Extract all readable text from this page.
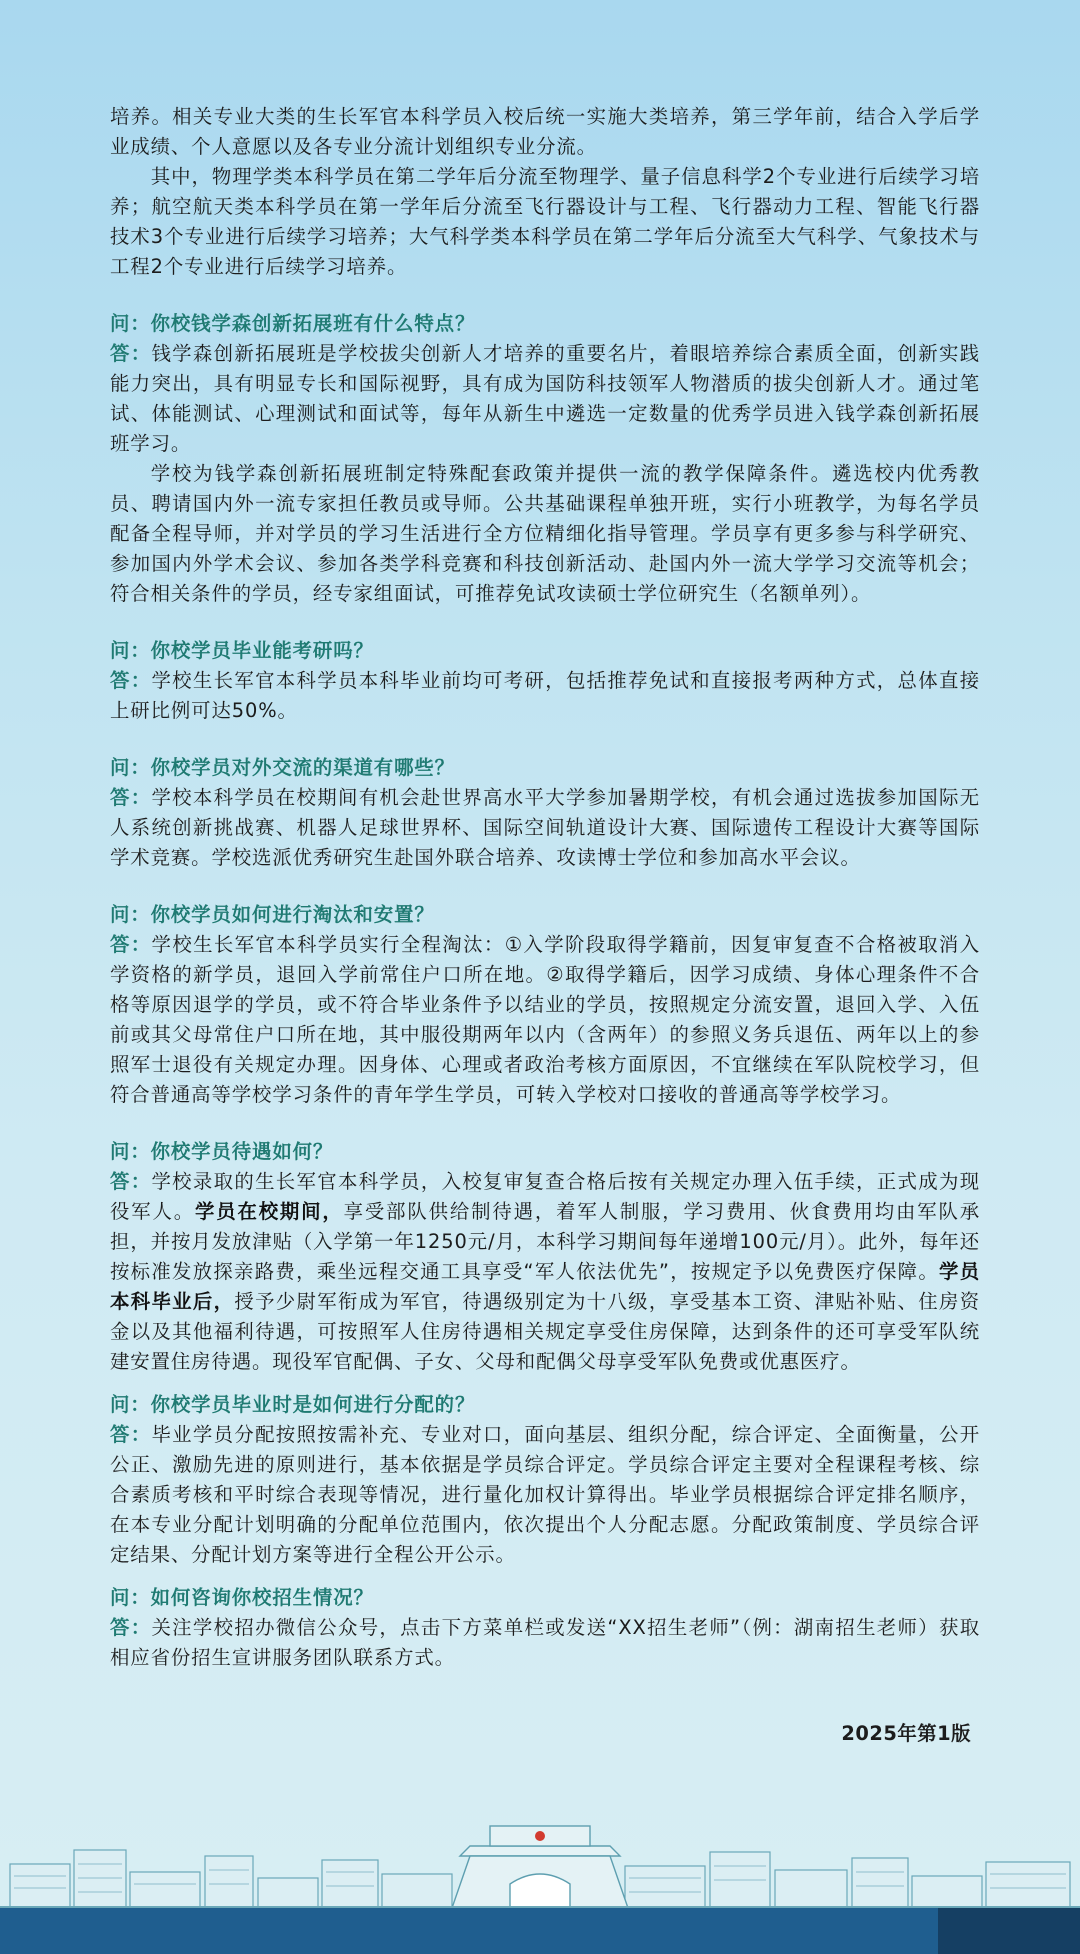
培养。相关专业大类的生长军官本科学员入校后统一实施大类培养，第三学年前，结合入学后学业成绩、个人意愿以及各专业分流计划组织专业分流。

其中，物理学类本科学员在第二学年后分流至物理学、量子信息科学2个专业进行后续学习培养；航空航天类本科学员在第一学年后分流至飞行器设计与工程、飞行器动力工程、智能飞行器技术3个专业进行后续学习培养；大气科学类本科学员在第二学年后分流至大气科学、气象技术与工程2个专业进行后续学习培养。

问：你校钱学森创新拓展班有什么特点？

答：钱学森创新拓展班是学校拔尖创新人才培养的重要名片，着眼培养综合素质全面，创新实践能力突出，具有明显专长和国际视野，具有成为国防科技领军人物潜质的拔尖创新人才。通过笔试、体能测试、心理测试和面试等，每年从新生中遴选一定数量的优秀学员进入钱学森创新拓展班学习。

学校为钱学森创新拓展班制定特殊配套政策并提供一流的教学保障条件。遴选校内优秀教员、聘请国内外一流专家担任教员或导师。公共基础课程单独开班，实行小班教学，为每名学员配备全程导师，并对学员的学习生活进行全方位精细化指导管理。学员享有更多参与科学研究、参加国内外学术会议、参加各类学科竞赛和科技创新活动、赴国内外一流大学学习交流等机会；符合相关条件的学员，经专家组面试，可推荐免试攻读硕士学位研究生（名额单列）。

问：你校学员毕业能考研吗？

答：学校生长军官本科学员本科毕业前均可考研，包括推荐免试和直接报考两种方式，总体直接上研比例可达50%。

问：你校学员对外交流的渠道有哪些？

答：学校本科学员在校期间有机会赴世界高水平大学参加暑期学校，有机会通过选拔参加国际无人系统创新挑战赛、机器人足球世界杯、国际空间轨道设计大赛、国际遗传工程设计大赛等国际学术竞赛。学校选派优秀研究生赴国外联合培养、攻读博士学位和参加高水平会议。

问：你校学员如何进行淘汰和安置？

答：学校生长军官本科学员实行全程淘汰：①入学阶段取得学籍前，因复审复查不合格被取消入学资格的新学员，退回入学前常住户口所在地。②取得学籍后，因学习成绩、身体心理条件不合格等原因退学的学员，或不符合毕业条件予以结业的学员，按照规定分流安置，退回入学、入伍前或其父母常住户口所在地，其中服役期两年以内（含两年）的参照义务兵退伍、两年以上的参照军士退役有关规定办理。因身体、心理或者政治考核方面原因，不宜继续在军队院校学习，但符合普通高等学校学习条件的青年学生学员，可转入学校对口接收的普通高等学校学习。

问：你校学员待遇如何？

答：学校录取的生长军官本科学员，入校复审复查合格后按有关规定办理入伍手续，正式成为现役军人。学员在校期间，享受部队供给制待遇，着军人制服，学习费用、伙食费用均由军队承担，并按月发放津贴（入学第一年1250元/月，本科学习期间每年递增100元/月）。此外，每年还按标准发放探亲路费，乘坐远程交通工具享受“军人依法优先”，按规定予以免费医疗保障。学员本科毕业后，授予少尉军衔成为军官，待遇级别定为十八级，享受基本工资、津贴补贴、住房资金以及其他福利待遇，可按照军人住房待遇相关规定享受住房保障，达到条件的还可享受军队统建安置住房待遇。现役军官配偶、子女、父母和配偶父母享受军队免费或优惠医疗。

问：你校学员毕业时是如何进行分配的？

答：毕业学员分配按照按需补充、专业对口，面向基层、组织分配，综合评定、全面衡量，公开公正、激励先进的原则进行，基本依据是学员综合评定。学员综合评定主要对全程课程考核、综合素质考核和平时综合表现等情况，进行量化加权计算得出。毕业学员根据综合评定排名顺序，在本专业分配计划明确的分配单位范围内，依次提出个人分配志愿。分配政策制度、学员综合评定结果、分配计划方案等进行全程公开公示。

问：如何咨询你校招生情况？

答：关注学校招办微信公众号，点击下方菜单栏或发送“XX招生老师”（例：湖南招生老师）获取相应省份招生宣讲服务团队联系方式。

2025年第1版
